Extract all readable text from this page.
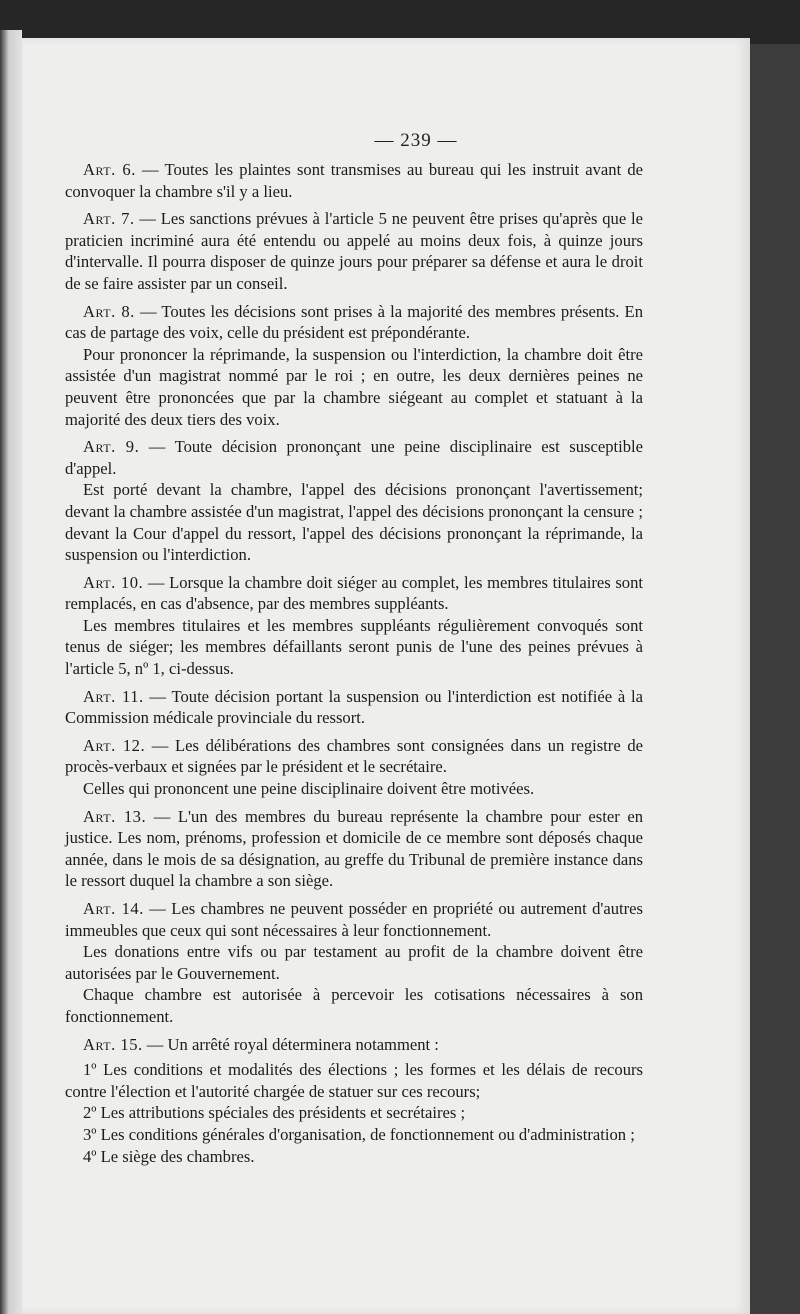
— 239 —

Art. 6. — Toutes les plaintes sont transmises au bureau qui les instruit avant de convoquer la chambre s'il y a lieu.

Art. 7. — Les sanctions prévues à l'article 5 ne peuvent être prises qu'après que le praticien incriminé aura été entendu ou appelé au moins deux fois, à quinze jours d'intervalle. Il pourra disposer de quinze jours pour préparer sa défense et aura le droit de se faire assister par un conseil.

Art. 8. — Toutes les décisions sont prises à la majorité des membres présents. En cas de partage des voix, celle du président est prépondérante.

Pour prononcer la réprimande, la suspension ou l'interdiction, la chambre doit être assistée d'un magistrat nommé par le roi ; en outre, les deux dernières peines ne peuvent être prononcées que par la chambre siégeant au complet et statuant à la majorité des deux tiers des voix.

Art. 9. — Toute décision prononçant une peine disciplinaire est susceptible d'appel.

Est porté devant la chambre, l'appel des décisions prononçant l'avertissement; devant la chambre assistée d'un magistrat, l'appel des décisions prononçant la censure ; devant la Cour d'appel du ressort, l'appel des décisions prononçant la réprimande, la suspension ou l'interdiction.

Art. 10. — Lorsque la chambre doit siéger au complet, les membres titulaires sont remplacés, en cas d'absence, par des membres suppléants.

Les membres titulaires et les membres suppléants régulièrement convoqués sont tenus de siéger; les membres défaillants seront punis de l'une des peines prévues à l'article 5, nº 1, ci-dessus.

Art. 11. — Toute décision portant la suspension ou l'interdiction est notifiée à la Commission médicale provinciale du ressort.

Art. 12. — Les délibérations des chambres sont consignées dans un registre de procès-verbaux et signées par le président et le secrétaire.

Celles qui prononcent une peine disciplinaire doivent être motivées.

Art. 13. — L'un des membres du bureau représente la chambre pour ester en justice. Les nom, prénoms, profession et domicile de ce membre sont déposés chaque année, dans le mois de sa désignation, au greffe du Tribunal de première instance dans le ressort duquel la chambre a son siège.

Art. 14. — Les chambres ne peuvent posséder en propriété ou autrement d'autres immeubles que ceux qui sont nécessaires à leur fonctionnement.

Les donations entre vifs ou par testament au profit de la chambre doivent être autorisées par le Gouvernement.

Chaque chambre est autorisée à percevoir les cotisations nécessaires à son fonctionnement.

Art. 15. — Un arrêté royal déterminera notamment :

1º Les conditions et modalités des élections ; les formes et les délais de recours contre l'élection et l'autorité chargée de statuer sur ces recours;

2º Les attributions spéciales des présidents et secrétaires ;

3º Les conditions générales d'organisation, de fonctionnement ou d'administration ;

4º Le siège des chambres.
